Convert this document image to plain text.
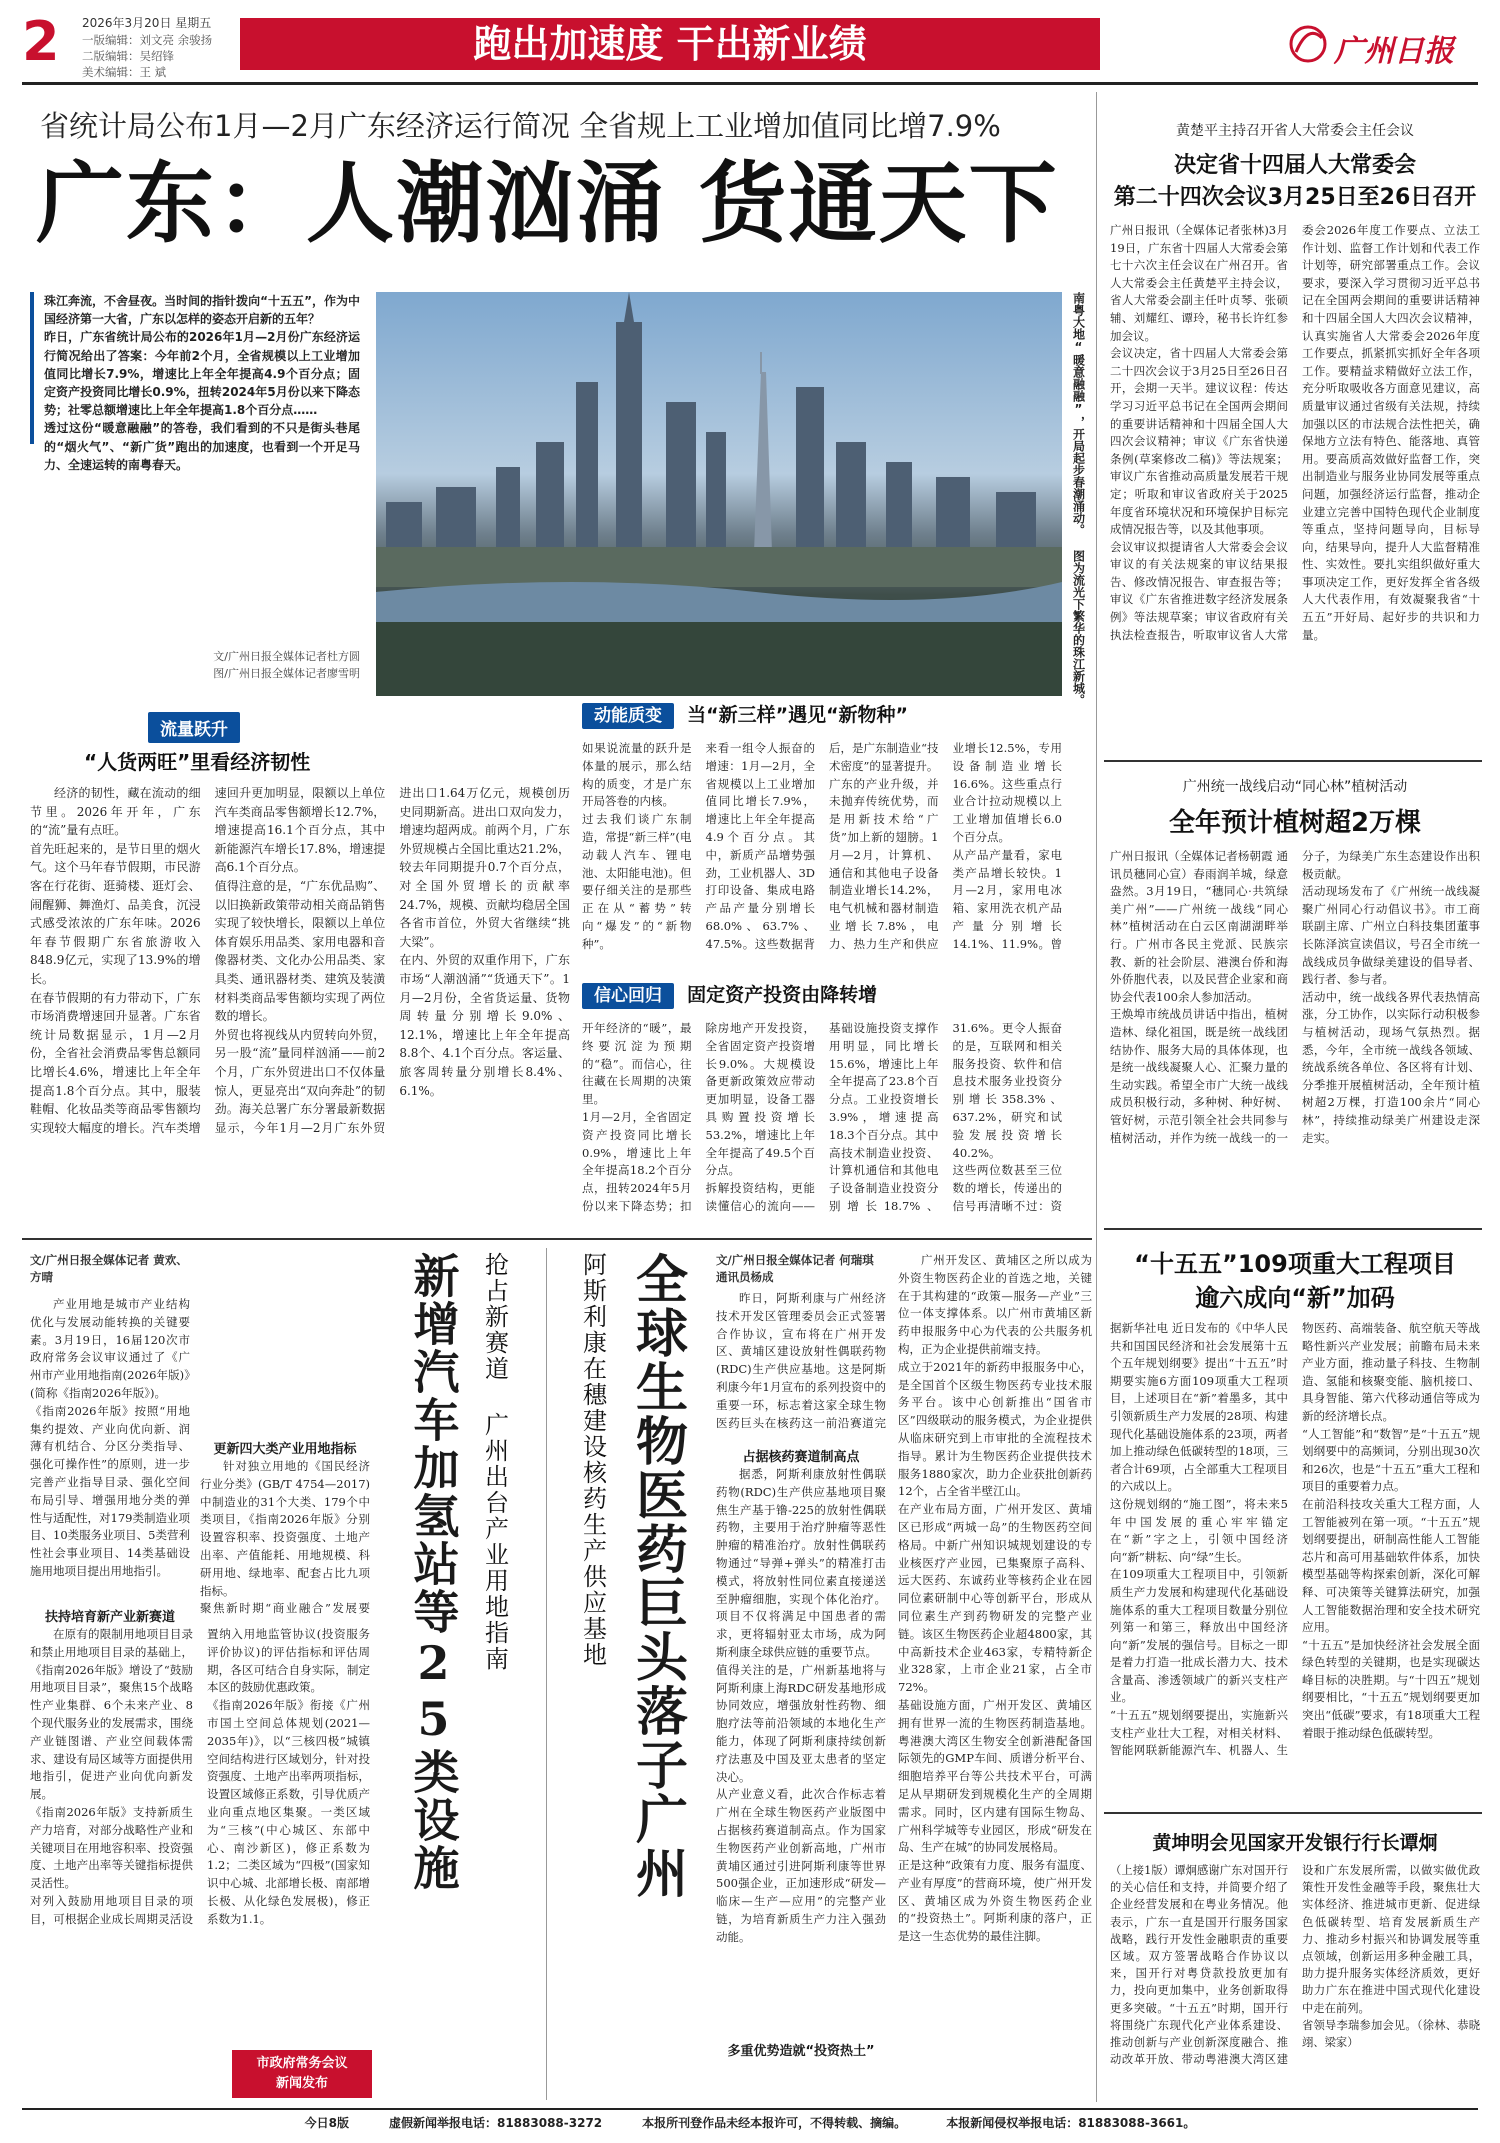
2 2026年3月20日 星期五
一版编辑：刘文亮 余骏扬
二版编辑：吴绍锋
美术编辑：王 斌
跑出加速度 干出新业绩	广州日报
省统计局公布1月—2月广东经济运行简况 全省规上工业增加值同比增7.9%
广东：人潮汹涌 货通天下
珠江奔流，不舍昼夜。当时间的指针拨向“十五五”，作为中国经济第一大省，广东以怎样的姿态开启新的五年？
昨日，广东省统计局公布的2026年1月—2月份广东经济运行简况给出了答案：今年前2个月，全省规模以上工业增加值同比增长7.9%，增速比上年全年提高4.9个百分点；固定资产投资同比增长0.9%，扭转2024年5月份以来下降态势；社零总额增速比上年全年提高1.8个百分点……
透过这份“暖意融融”的答卷，我们看到的不只是街头巷尾的“烟火气”、“新广货”跑出的加速度，也看到一个开足马力、全速运转的南粤春天。
文/广州日报全媒体记者杜方圆
图/广州日报全媒体记者廖雪明	南粤大地“暖意融融”，开局起步春潮涌动。 图为流光下繁华的珠江新城。
流量跃升
“人货两旺”里看经济韧性
经济的韧性，藏在流动的细节里。2026年开年，广东的“流”量有点旺。
首先旺起来的，是节日里的烟火气。这个马年春节假期，市民游客在行花街、逛骑楼、逛灯会、闹醒狮、舞渔灯、品美食，沉浸式感受浓浓的广东年味。2026年春节假期广东省旅游收入848.9亿元，实现了13.9%的增长。
在春节假期的有力带动下，广东市场消费增速回升显著。广东省统计局数据显示，1月—2月份，全省社会消费品零售总额同比增长4.6%，增速比上年全年提高1.8个百分点。其中，服装鞋帽、化妆品类等商品零售额均实现较大幅度的增长。汽车类增速回升更加明显，限额以上单位汽车类商品零售额增长12.7%，增速提高16.1个百分点，其中新能源汽车增长17.8%，增速提高6.1个百分点。
值得注意的是，“广东优品购”、以旧换新政策带动相关商品销售实现了较快增长，限额以上单位体育娱乐用品类、家用电器和音像器材类、文化办公用品类、家具类、通讯器材类、建筑及装潢材料类商品零售额均实现了两位数的增长。
外贸也将视线从内贸转向外贸，另一股“流”量同样汹涌——前2个月，广东外贸进出口不仅体量惊人，更显亮出“双向奔赴”的韧劲。海关总署广东分署最新数据显示，今年1月—2月广东外贸进出口1.64万亿元，规模创历史同期新高。进出口双向发力，增速均超两成。前两个月，广东外贸规模占全国比重达21.2%，较去年同期提升0.7个百分点，对全国外贸增长的贡献率24.7%，规模、贡献均稳居全国各省市首位，外贸大省继续“挑大梁”。
在内、外贸的双重作用下，广东市场“人潮汹涌”“货通天下”。1月—2月份，全省货运量、货物周转量分别增长9.0%、12.1%，增速比上年全年提高8.8个、4.1个百分点。客运量、旅客周转量分别增长8.4%、6.1%。
动能质变 当“新三样”遇见“新物种”
如果说流量的跃升是体量的展示，那么结构的质变，才是广东开局答卷的内核。
过去我们谈广东制造，常提“新三样”(电动载人汽车、锂电池、太阳能电池)。但要仔细关注的是那些正在从“蓄势”转向“爆发”的“新物种”。
来看一组令人振奋的增速：1月—2月，全省规模以上工业增加值同比增长7.9%，增速比上年全年提高4.9个百分点。其中，新质产品增势强劲，工业机器人、3D打印设备、集成电路产品产量分别增长68.0%、63.7%、47.5%。这些数据背后，是广东制造业“技术密度”的显著提升。
广东的产业升级，并未抛弃传统优势，而是用新技术给“广货”加上新的翅膀。1月—2月，计算机、通信和其他电子设备制造业增长14.2%，电气机械和器材制造业增长7.8%，电力、热力生产和供应业增长12.5%，专用设备制造业增长16.6%。这些重点行业合计拉动规模以上工业增加值增长6.0个百分点。
从产品产量看，家电类产品增长较快。1月—2月，家用电冰箱、家用洗衣机产品产量分别增长14.1%、11.9%。曾
信心回归 固定资产投资由降转增
开年经济的“暖”，最终要沉淀为预期的“稳”。而信心，往往藏在长周期的决策里。
1月—2月，全省固定资产投资同比增长0.9%，增速比上年全年提高18.2个百分点，扭转2024年5月份以来下降态势；扣除房地产开发投资，全省固定资产投资增长9.0%。大规模设备更新政策效应带动更加明显，设备工器具购置投资增长53.2%，增速比上年全年提高了49.5个百分点。
拆解投资结构，更能读懂信心的流向——基础设施投资支撑作用明显，同比增长15.6%，增速比上年全年提高了23.8个百分点。工业投资增长3.9%，增速提高18.3个百分点。其中高技术制造业投资、计算机通信和其他电子设备制造业投资分别增长18.7%、31.6%。更令人振奋的是，互联网和相关服务投资、软件和信息技术服务业投资分别增长358.3%、637.2%，研究和试验发展投资增长40.2%。
这些两位数甚至三位数的增长，传递出的信号再清晰不过：资
黄楚平主持召开省人大常委会主任会议
决定省十四届人大常委会
第二十四次会议3月25日至26日召开
广州日报讯（全媒体记者张林)3月19日，广东省十四届人大常委会第七十六次主任会议在广州召开。省人大常委会主任黄楚平主持会议，省人大常委会副主任叶贞琴、张硕辅、刘耀红、谭玲，秘书长许红参加会议。
会议决定，省十四届人大常委会第二十四次会议于3月25日至26日召开，会期一天半。建议议程：传达学习习近平总书记在全国两会期间的重要讲话精神和十四届全国人大四次会议精神；审议《广东省快递条例(草案修改二稿)》等法规案；审议广东省推动高质量发展若干规定；听取和审议省政府关于2025年度省环境状况和环境保护目标完成情况报告等，以及其他事项。
会议审议拟提请省人大常委会会议审议的有关法规案的审议结果报告、修改情况报告、审查报告等；审议《广东省推进数字经济发展条例》等法规草案；审议省政府有关执法检查报告，听取审议省人大常委会2026年度工作要点、立法工作计划、监督工作计划和代表工作计划等，研究部署重点工作。会议要求，要深入学习贯彻习近平总书记在全国两会期间的重要讲话精神和十四届全国人大四次会议精神，认真实施省人大常委会2026年度工作要点，抓紧抓实抓好全年各项工作。要精益求精做好立法工作，充分听取吸收各方面意见建议，高质量审议通过省级有关法规，持续加强以区的市法规合法性把关，确保地方立法有特色、能落地、真管用。要高质高效做好监督工作，突出制造业与服务业协同发展等重点问题，加强经济运行监督，推动企业建立完善中国特色现代企业制度等重点，坚持问题导向，目标导向，结果导向，提升人大监督精准性、实效性。要扎实组织做好重大事项决定工作，更好发挥全省各级人大代表作用，有效凝聚我省“十五五”开好局、起好步的共识和力量。
广州统一战线启动“同心林”植树活动
全年预计植树超2万棵
广州日报讯（全媒体记者杨朝霞 通讯员穗同心宣）春雨润羊城，绿意盎然。3月19日，“穗同心·共筑绿美广州”——广州统一战线“同心林”植树活动在白云区南湖湖畔举行。广州市各民主党派、民族宗教、新的社会阶层、港澳台侨和海外侨胞代表，以及民营企业家和商协会代表100余人参加活动。
王焕埠市统战员讲话中指出，植树造林、绿化祖国，既是统一战线团结协作、服务大局的具体体现，也是统一战线凝聚人心、汇聚力量的生动实践。希望全市广大统一战线成员积极行动，多种树、种好树、管好树，示范引领全社会共同参与植树活动，并作为统一战线一的一分子，为绿美广东生态建设作出积极贡献。
活动现场发布了《广州统一战线凝聚广州同心行动倡议书》。市工商联副主席、广州立白科技集团董事长陈泽滨宣读倡议，号召全市统一战线成员争做绿美建设的倡导者、践行者、参与者。
活动中，统一战线各界代表热情高涨，分工协作，以实际行动积极参与植树活动，现场气氛热烈。据悉，今年，全市统一战线各领域、统战系统各单位、各区将有计划、分季推开展植树活动，全年预计植树超2万棵，打造100余片“同心林”，持续推动绿美广州建设走深走实。
“十五五”109项重大工程项目
逾六成向“新”加码
据新华社电 近日发布的《中华人民共和国国民经济和社会发展第十五个五年规划纲要》提出“十五五”时期要实施6方面109项重大工程项目，上述项目在“新”着墨多，其中引领新质生产力发展的28项、构建现代化基础设施体系的23项，两者加上推动绿色低碳转型的18项，三者合计69项，占全部重大工程项目的六成以上。
这份规划纲的“施工图”，将未来5年中国发展的重心牢牢锚定在“新”字之上，引领中国经济向“新”耕耘、向“绿”生长。
在109项重大工程项目中，引领新质生产力发展和构建现代化基础设施体系的重大工程项目数量分别位列第一和第三，释放出中国经济向“新”发展的强信号。目标之一即是着力打造一批成长潜力大、技术含量高、渗透领域广的新兴支柱产业。
“十五五”规划纲要提出，实施新兴支柱产业壮大工程，对相关材料、智能网联新能源汽车、机器人、生物医药、高端装备、航空航天等战略性新兴产业发展；前瞻布局未来产业方面，推动量子科技、生物制造、氢能和核聚变能、脑机接口、具身智能、第六代移动通信等成为新的经济增长点。
“人工智能”和“数智”是“十五五”规划纲要中的高频词，分别出现30次和26次，也是“十五五”重大工程和项目的重要着力点。
在前沿科技攻关重大工程方面，人工智能被列在第一项。“十五五”规划纲要提出，研制高性能人工智能芯片和高可用基础软件体系，加快模型基础等构探索创新，深化可解释、可决策等关键算法研究，加强人工智能数据治理和安全技术研究应用。
“十五五”是加快经济社会发展全面绿色转型的关键期，也是实现碳达峰目标的决胜期。与“十四五”规划纲要相比，“十五五”规划纲要更加突出“低碳”要求，有18项重大工程着眼于推动绿色低碳转型。
黄坤明会见国家开发银行行长谭炯
（上接1版）谭炯感谢广东对国开行的关心信任和支持，并简要介绍了企业经营发展和在粤业务情况。他表示，广东一直是国开行服务国家战略，践行开发性金融职责的重要区域。双方签署战略合作协议以来，国开行对粤贷款投放更加有力，投向更加集中，业务创新取得更多突破。“十五五”时期，国开行将围绕广东现代化产业体系建设、推动创新与产业创新深度融合、推动改革开放、带动粤港澳大湾区建设和广东发展所需，以做实做优政策性开发性金融等手段，聚焦壮大实体经济、推进城市更新、促进绿色低碳转型、培育发展新质生产力、推动乡村振兴和协调发展等重点领域，创新运用多种金融工具，助力提升服务实体经济质效，更好助力广东在推进中国式现代化建设中走在前列。
省领导李瑞参加会见。（徐林、恭晓翊、梁家）
文/广州日报全媒体记者 黄欢、方晴
产业用地是城市产业结构优化与发展动能转换的关键要素。3月19日，16届120次市政府常务会议审议通过了《广州市产业用地指南(2026年版)》(简称《指南2026年版》)。
《指南2026年版》按照“用地集约提效、产业向优向新、润薄有机结合、分区分类指导、强化可操作性”的原则，进一步完善产业指导目录、强化空间布局引导、增强用地分类的弹性与适配性，对179类制造业项目、10类服务业项目、5类营利性社会事业项目、14类基础设施用地项目提出用地指引。
扶持培育新产业新赛道
在原有的限制用地项目目录和禁止用地项目目录的基础上，《指南2026年版》增设了“鼓励用地项目目录”，聚焦15个战略性产业集群、6个未来产业、8个现代服务业的发展需求，围绕产业链图谱、产业空间载体需求、建设有局区域等方面提供用地指引，促进产业向优向新发展。
《指南2026年版》支持新质生产力培育，对部分战略性产业和关键项目在用地容积率、投资强度、土地产出率等关键指标提供灵活性。
对列入鼓励用地项目目录的项目，可根据企业成长周期灵活设置纳入用地监管协议(投资服务评价协议)的评估指标和评估周期，各区可结合自身实际，制定本区的鼓励优惠政策。
《指南2026年版》衔接《广州市国土空间总体规划(2021—2035年)》，以“三核四极”城镇空间结构进行区域划分，针对投资强度、土地产出率两项指标，设置区域修正系数，引导优质产业向重点地区集聚。一类区域为“三核”(中心城区、东部中心、南沙新区)，修正系数为1.2；二类区域为“四极”(国家知识中心城、北部增长极、南部增长极、从化绿色发展极)，修正系数为1.1。
更新四大类产业用地指标
针对独立用地的《国民经济行业分类》(GB/T 4754—2017)中制造业的31个大类、179个中类项目，《指南2026年版》分别设置容积率、投资强度、土地产出率、产值能耗、用地规模、科研用地、绿地率、配套占比九项指标。
聚焦新时期“商业融合”发展要	抢占新赛道 广州出台产业用地指南
新增汽车加氢站等25类设施
市政府常务会议
新闻发布
全球生物医药巨头落子广州
阿斯利康在穗建设核药生产供应基地	文/广州日报全媒体记者 何瑞琪 通讯员杨成
昨日，阿斯利康与广州经济技术开发区管理委员会正式签署合作协议，宣布将在广州开发区、黄埔区建设放射性偶联药物(RDC)生产供应基地。这是阿斯利康今年1月宣布的系列投资中的重要一环，标志着这家全球生物医药巨头在核药这一前沿赛道完
占据核药赛道制高点
据悉，阿斯利康放射性偶联药物(RDC)生产供应基地项目聚焦生产基于镥-225的放射性偶联药物，主要用于治疗肿瘤等恶性肿瘤的精准治疗。放射性偶联药物通过“导弹+弹头”的精准打击模式，将放射性同位素直接递送至肿瘤细胞，实现个体化治疗。项目不仅将满足中国患者的需求，更将辐射亚太市场，成为阿斯利康全球供应链的重要节点。
值得关注的是，广州新基地将与阿斯利康上海RDC研发基地形成协同效应，增强放射性药物、细胞疗法等前沿领域的本地化生产能力，体现了阿斯利康持续创新疗法惠及中国及亚太患者的坚定决心。
从产业意义看，此次合作标志着广州在全球生物医药产业版图中占据核药赛道制高点。作为国家生物医药产业创新高地，广州市黄埔区通过引进阿斯利康等世界500强企业，正加速形成“研发—临床—生产—应用”的完整产业链，为培育新质生产力注入强劲动能。
多重优势造就“投资热土”
广州开发区、黄埔区之所以成为外资生物医药企业的首选之地，关键在于其构建的“政策—服务—产业”三位一体支撑体系。以广州市黄埔区新药申报服务中心为代表的公共服务机构，正为企业提供前端支持。
成立于2021年的新药申报服务中心，是全国首个区级生物医药专业技术服务平台。该中心创新推出“国省市区”四级联动的服务模式，为企业提供从临床研究到上市审批的全流程技术指导。累计为生物医药企业提供技术服务1880家次，助力企业获批创新药12个，占全省半壁江山。
在产业布局方面，广州开发区、黄埔区已形成“两城一岛”的生物医药空间格局。中新广州知识城规划建设的专业核医疗产业园，已集聚原子高科、远大医药、东诚药业等核药企业在园同位素研制中心等创新平台，形成从同位素生产到药物研发的完整产业链。该区生物医药企业超4800家，其中高新技术企业463家，专精特新企业328家，上市企业21家，占全市72%。
基础设施方面，广州开发区、黄埔区拥有世界一流的生物医药制造基地。粤港澳大湾区生物安全创新港配备国际领先的GMP车间、质谱分析平台、细胞培养平台等公共技术平台，可满足从早期研发到规模化生产的全周期需求。同时，区内建有国际生物岛、广州科学城等专业园区，形成“研发在岛、生产在城”的协同发展格局。
正是这种“政策有力度、服务有温度、产业有厚度”的营商环境，使广州开发区、黄埔区成为外资生物医药企业的“投资热土”。阿斯利康的落户，正是这一生态优势的最佳注脚。
今日8版	虚假新闻举报电话：81883088-3272	本报所刊登作品未经本报许可，不得转载、摘编。	本报新闻侵权举报电话：81883088-3661。
